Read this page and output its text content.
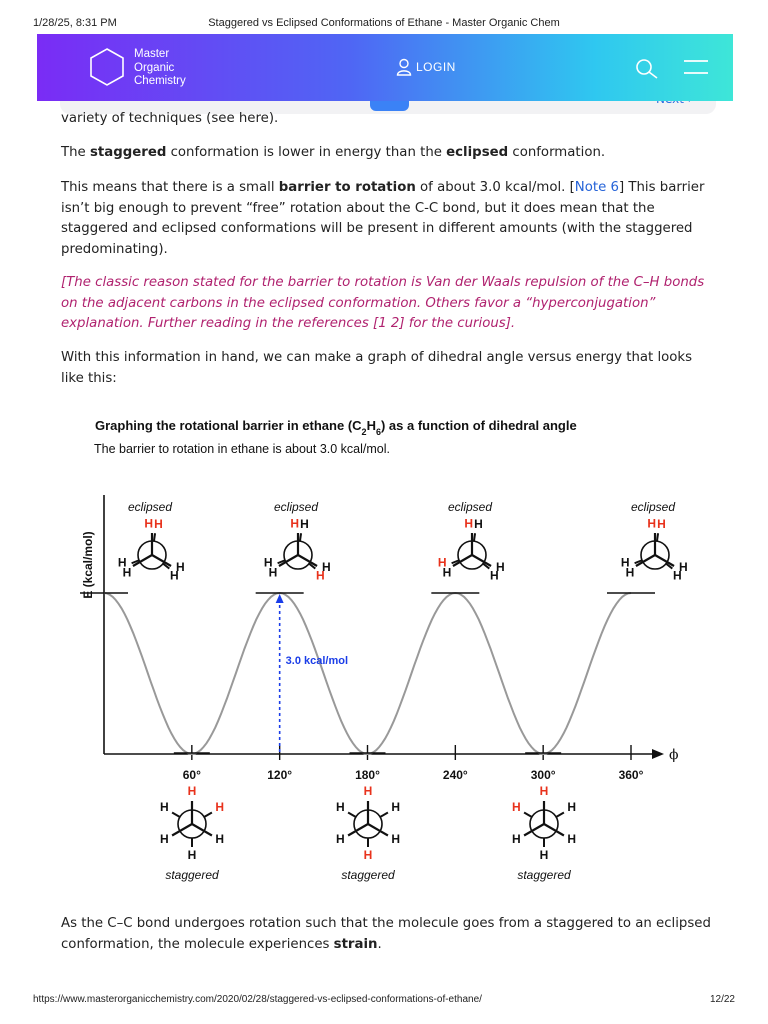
1/28/25, 8:31 PM	Staggered vs Eclipsed Conformations of Ethane - Master Organic Chem
Master
Organic
Chemistry
LOGIN
variety of techniques (see here).
The staggered conformation is lower in energy than the eclipsed conformation.
This means that there is a small barrier to rotation of about 3.0 kcal/mol. [Note 6] This barrier isn’t big enough to prevent “free” rotation about the C-C bond, but it does mean that the staggered and eclipsed conformations will be present in different amounts (with the staggered predominating).
[The classic reason stated for the barrier to rotation is Van der Waals repulsion of the C–H bonds on the adjacent carbons in the eclipsed conformation. Others favor a “hyperconjugation” explanation. Further reading in the references [1 2] for the curious].
With this information in hand, we can make a graph of dihedral angle versus energy that looks like this:
Graphing the rotational barrier in ethane $(C_2H_6)$ as a function of dihedral angle
The barrier to rotation in ethane is about 3.0 kcal/mol.
E (kcal/mol)
ϕ
60°	120°	180°	240°	300°	360°
3.0 kcal/mol
H H
H
H
H
H
H H
H
H
H
H
H H
H
H
H
H
H H
H
H
H
H
eclipsed	eclipsed	eclipsed	eclipsed
H
H
H
H
H
H
H
H
H
H
H
H
H
H
H
H
H
H
staggered	staggered	staggered
As the C–C bond undergoes rotation such that the molecule goes from a staggered to an eclipsed conformation, the molecule experiences strain.
https://www.masterorganicchemistry.com/2020/02/28/staggered-vs-eclipsed-conformations-of-ethane/	12/22
